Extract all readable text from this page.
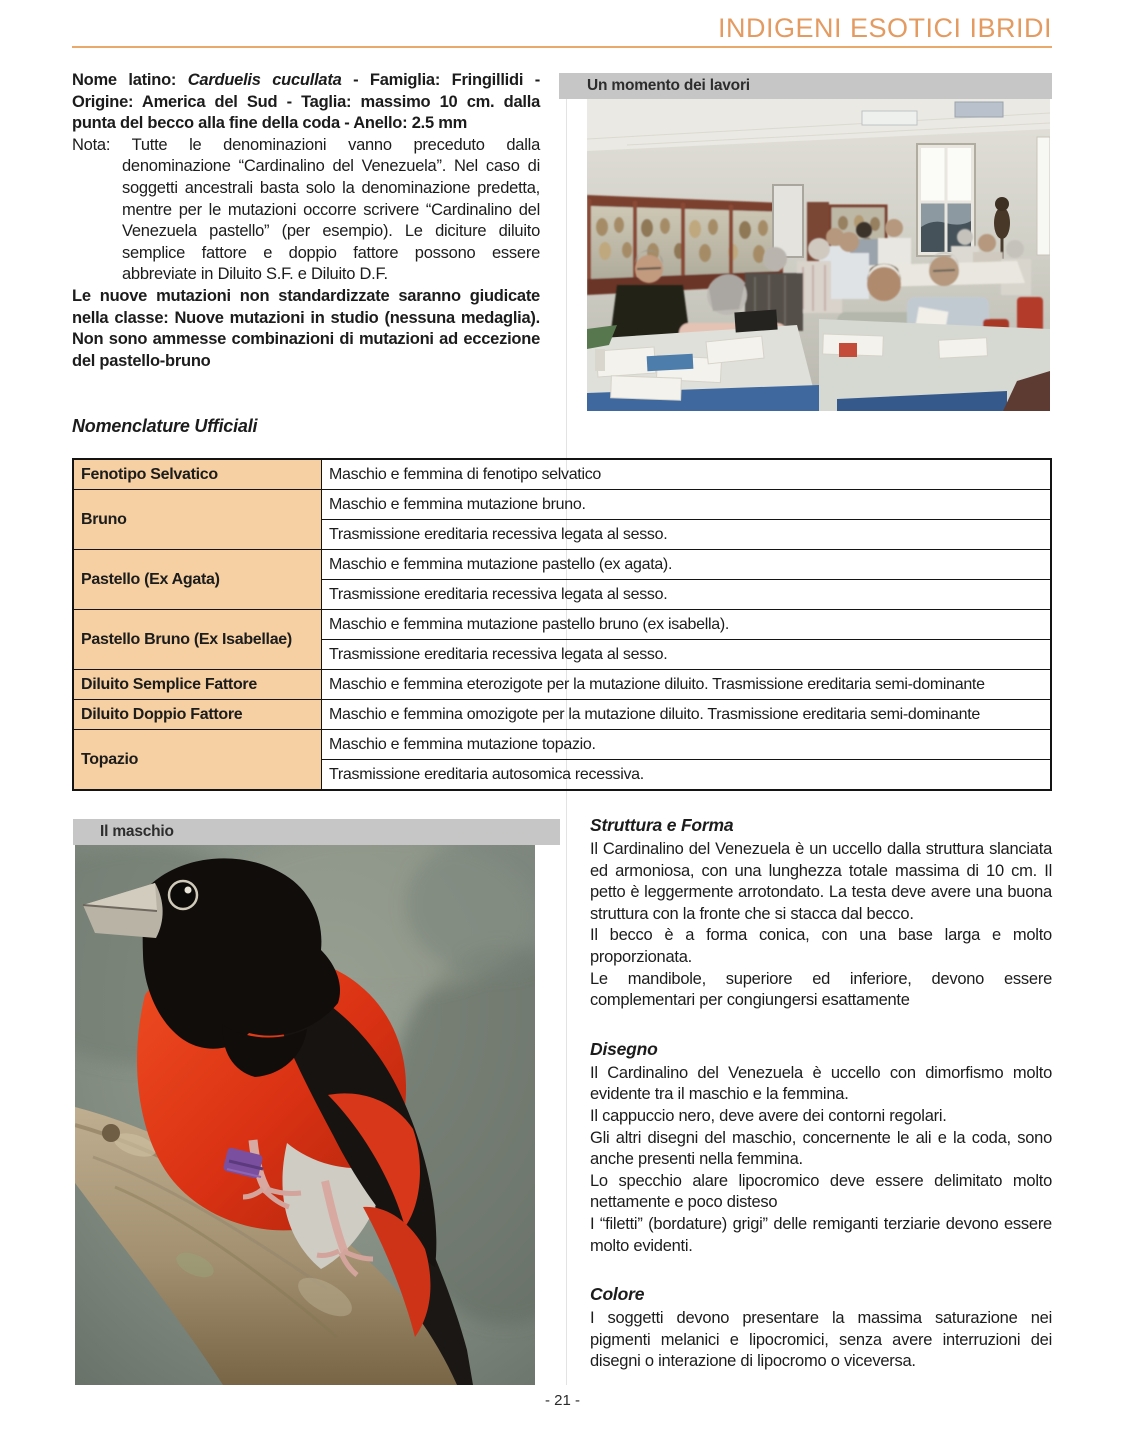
INDIGENI ESOTICI IBRIDI

Nome latino: Carduelis cucullata - Famiglia: Fringillidi - Origine: America del Sud - Taglia: massimo 10 cm. dalla punta del becco alla fine della coda - Anello: 2.5 mm

Nota: Tutte le denominazioni vanno preceduto dalla denominazione “Cardinalino del Venezuela”. Nel caso di soggetti ancestrali basta solo la denominazione predetta, mentre per le mutazioni occorre scrivere “Cardinalino del Venezuela pastello” (per esempio). Le diciture diluito semplice fattore e doppio fattore possono essere abbreviate in Diluito S.F. e Diluito D.F.

Le nuove mutazioni non standardizzate saranno giudicate nella classe: Nuove mutazioni in studio (nessuna medaglia). Non sono ammesse combinazioni di mutazioni ad eccezione del pastello-bruno

Nomenclature Ufficiali
Un momento dei lavori
Fenotipo Selvatico	Maschio e femmina di fenotipo selvatico
Bruno	Maschio e femmina mutazione bruno.
	Trasmissione ereditaria recessiva legata al sesso.
Pastello (Ex Agata)	Maschio e femmina mutazione pastello (ex agata).
	Trasmissione ereditaria recessiva legata al sesso.
Pastello Bruno (Ex Isabellae)	Maschio e femmina mutazione pastello bruno (ex isabella).
	Trasmissione ereditaria recessiva legata al sesso.
Diluito Semplice Fattore	Maschio e femmina eterozigote per la mutazione diluito. Trasmissione ereditaria semi-dominante
Diluito Doppio Fattore	Maschio e femmina omozigote per la mutazione diluito. Trasmissione ereditaria semi-dominante
Topazio	Maschio e femmina mutazione topazio.
	Trasmissione ereditaria autosomica recessiva.
Il maschio	Struttura e Forma
Il Cardinalino del Venezuela è un uccello dalla struttura slanciata ed armoniosa, con una lunghezza totale massima di 10 cm. Il petto è leggermente arrotondato. La testa deve avere una buona struttura con la fronte che si stacca dal becco.
Il becco è a forma conica, con una base larga e molto proporzionata.
Le mandibole, superiore ed inferiore, devono essere complementari per congiungersi esattamente
Disegno
Il Cardinalino del Venezuela è uccello con dimorfismo molto evidente tra il maschio e la femmina.
Il cappuccio nero, deve avere dei contorni regolari.
Gli altri disegni del maschio, concernente le ali e la coda, sono anche presenti nella femmina.
Lo specchio alare lipocromico deve essere delimitato molto nettamente e poco disteso
I “filetti” (bordature) grigi” delle remiganti terziarie devono essere molto evidenti.
Colore
I soggetti devono presentare la massima saturazione nei pigmenti melanici e lipocromici, senza avere interruzioni dei disegni o interazione di lipocromo o viceversa.
- 21 -
